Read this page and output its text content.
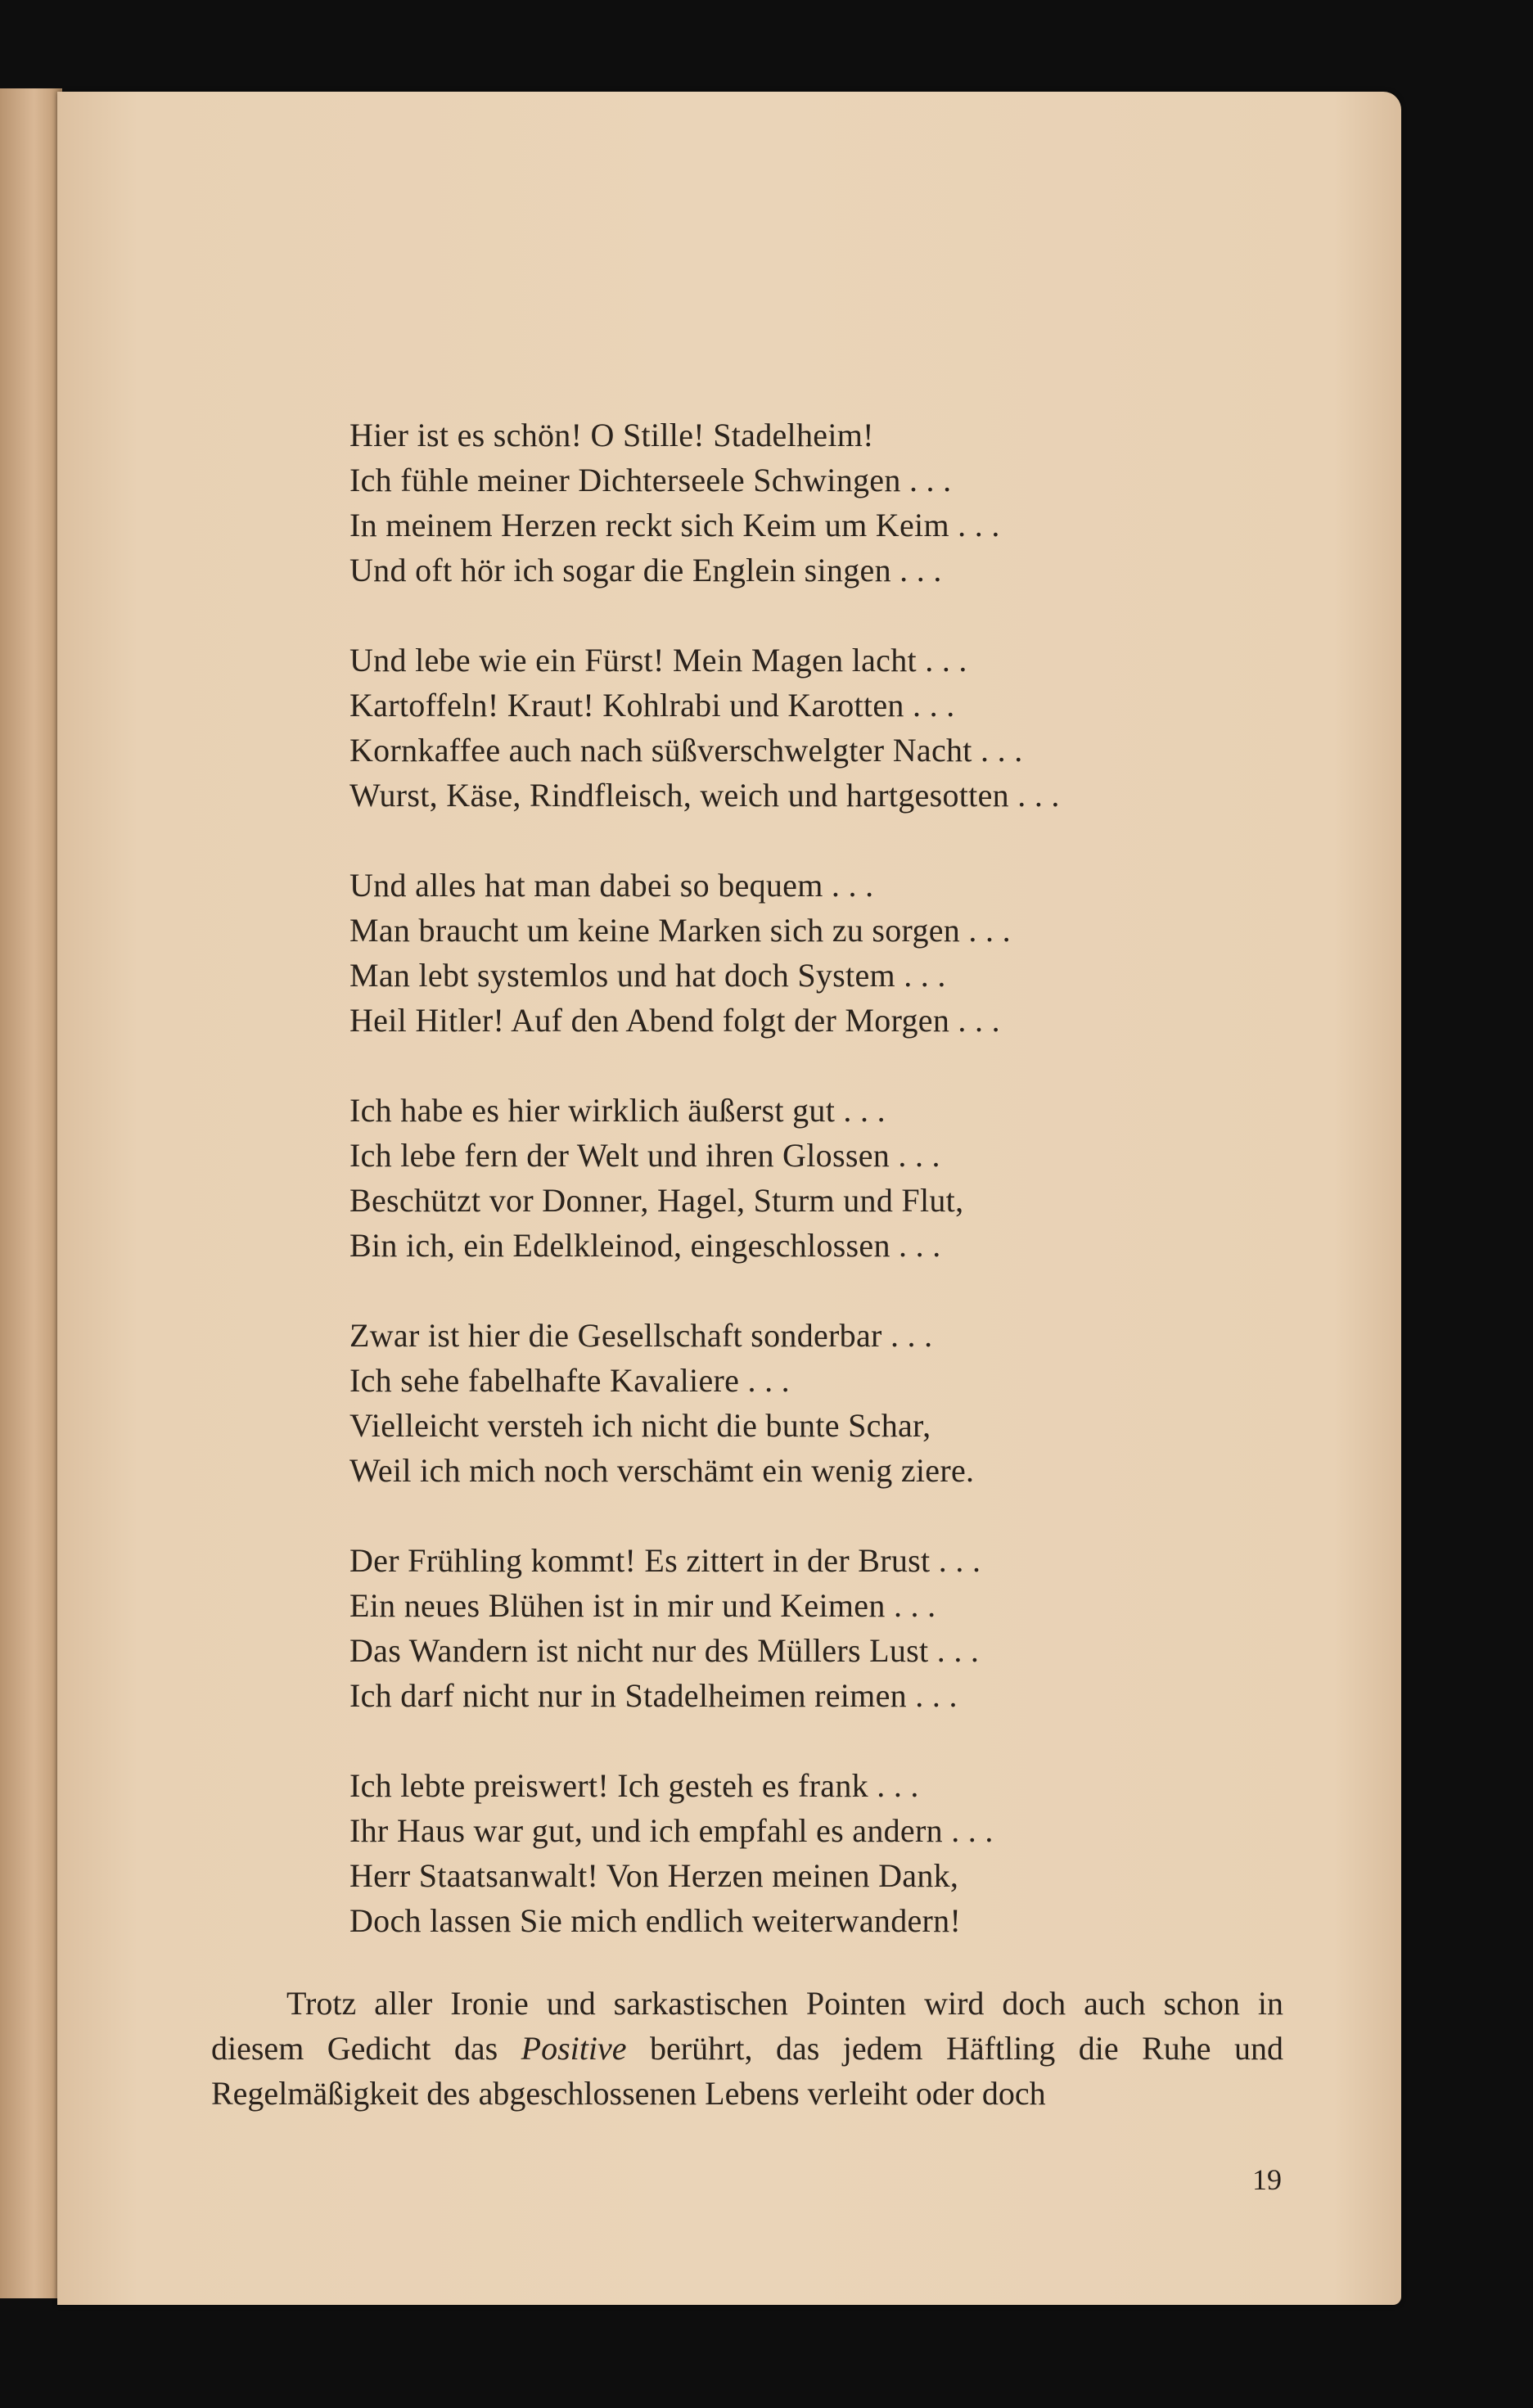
Hier ist es schön! O Stille! Stadelheim!
Ich fühle meiner Dichterseele Schwingen . . .
In meinem Herzen reckt sich Keim um Keim . . .
Und oft hör ich sogar die Englein singen . . .
Und lebe wie ein Fürst! Mein Magen lacht . . .
Kartoffeln! Kraut! Kohlrabi und Karotten . . .
Kornkaffee auch nach süßverschwelgter Nacht . . .
Wurst, Käse, Rindfleisch, weich und hartgesotten . . .
Und alles hat man dabei so bequem . . .
Man braucht um keine Marken sich zu sorgen . . .
Man lebt systemlos und hat doch System . . .
Heil Hitler! Auf den Abend folgt der Morgen . . .
Ich habe es hier wirklich äußerst gut . . .
Ich lebe fern der Welt und ihren Glossen . . .
Beschützt vor Donner, Hagel, Sturm und Flut,
Bin ich, ein Edelkleinod, eingeschlossen . . .
Zwar ist hier die Gesellschaft sonderbar . . .
Ich sehe fabelhafte Kavaliere . . .
Vielleicht versteh ich nicht die bunte Schar,
Weil ich mich noch verschämt ein wenig ziere.
Der Frühling kommt! Es zittert in der Brust . . .
Ein neues Blühen ist in mir und Keimen . . .
Das Wandern ist nicht nur des Müllers Lust . . .
Ich darf nicht nur in Stadelheimen reimen . . .
Ich lebte preiswert! Ich gesteh es frank . . .
Ihr Haus war gut, und ich empfahl es andern . . .
Herr Staatsanwalt! Von Herzen meinen Dank,
Doch lassen Sie mich endlich weiterwandern!

Trotz aller Ironie und sarkastischen Pointen wird doch auch schon in diesem Gedicht das Positive berührt, das jedem Häftling die Ruhe und Regelmäßigkeit des abgeschlossenen Lebens verleiht oder doch

19
